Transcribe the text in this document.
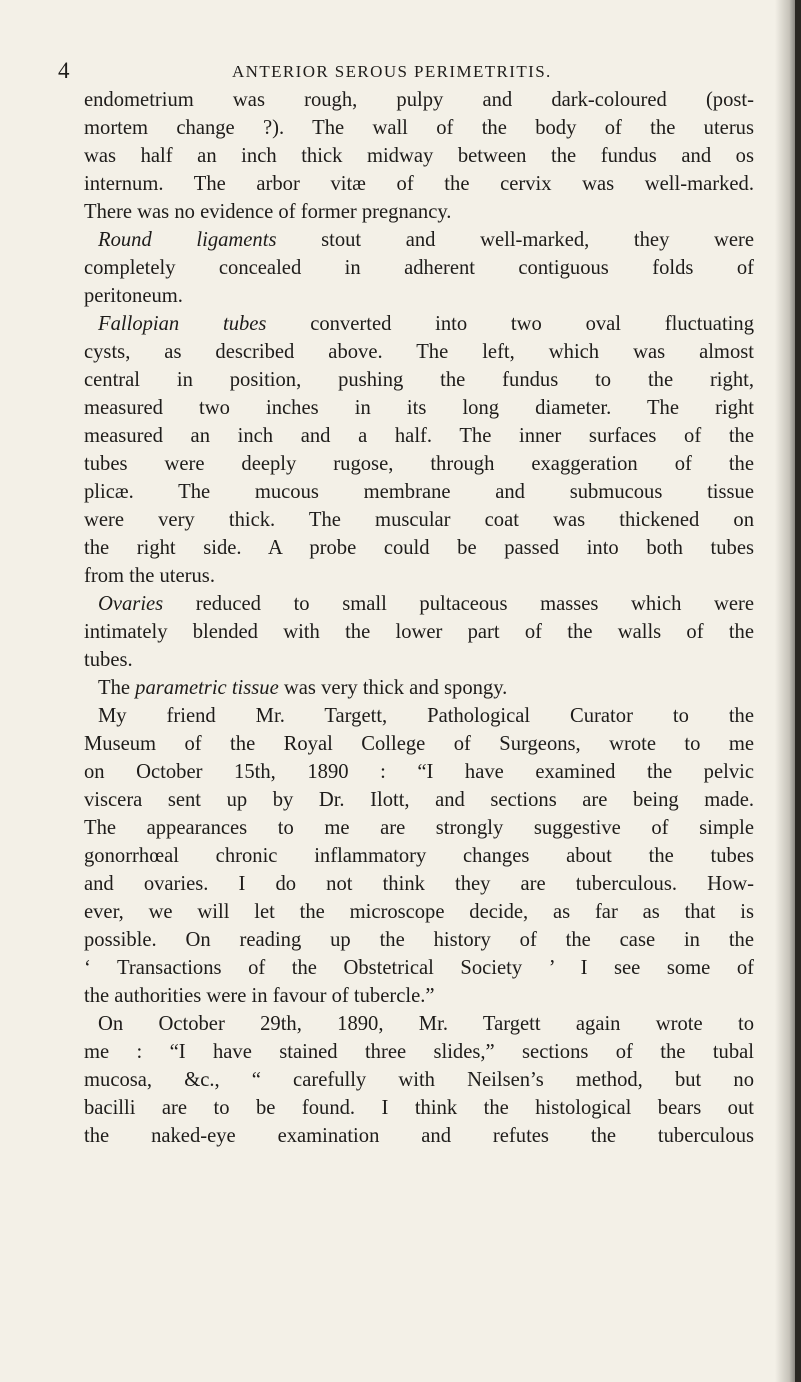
4	ANTERIOR SEROUS PERIMETRITIS.
endometrium was rough, pulpy and dark-coloured (post-
mortem change ?). The wall of the body of the uterus
was half an inch thick midway between the fundus and os
internum. The arbor vitæ of the cervix was well-marked.
There was no evidence of former pregnancy.
Round ligaments stout and well-marked, they were
completely concealed in adherent contiguous folds of
peritoneum.
Fallopian tubes converted into two oval fluctuating
cysts, as described above. The left, which was almost
central in position, pushing the fundus to the right,
measured two inches in its long diameter. The right
measured an inch and a half. The inner surfaces of the
tubes were deeply rugose, through exaggeration of the
plicæ. The mucous membrane and submucous tissue
were very thick. The muscular coat was thickened on
the right side. A probe could be passed into both tubes
from the uterus.
Ovaries reduced to small pultaceous masses which were
intimately blended with the lower part of the walls of the
tubes.
The parametric tissue was very thick and spongy.
My friend Mr. Targett, Pathological Curator to the
Museum of the Royal College of Surgeons, wrote to me
on October 15th, 1890 : “I have examined the pelvic
viscera sent up by Dr. Ilott, and sections are being made.
The appearances to me are strongly suggestive of simple
gonorrhœal chronic inflammatory changes about the tubes
and ovaries. I do not think they are tuberculous. How-
ever, we will let the microscope decide, as far as that is
possible. On reading up the history of the case in the
‘ Transactions of the Obstetrical Society ’ I see some of
the authorities were in favour of tubercle.”
On October 29th, 1890, Mr. Targett again wrote to
me : “I have stained three slides,” sections of the tubal
mucosa, &c., “ carefully with Neilsen’s method, but no
bacilli are to be found. I think the histological bears out
the naked-eye examination and refutes the tuberculous
